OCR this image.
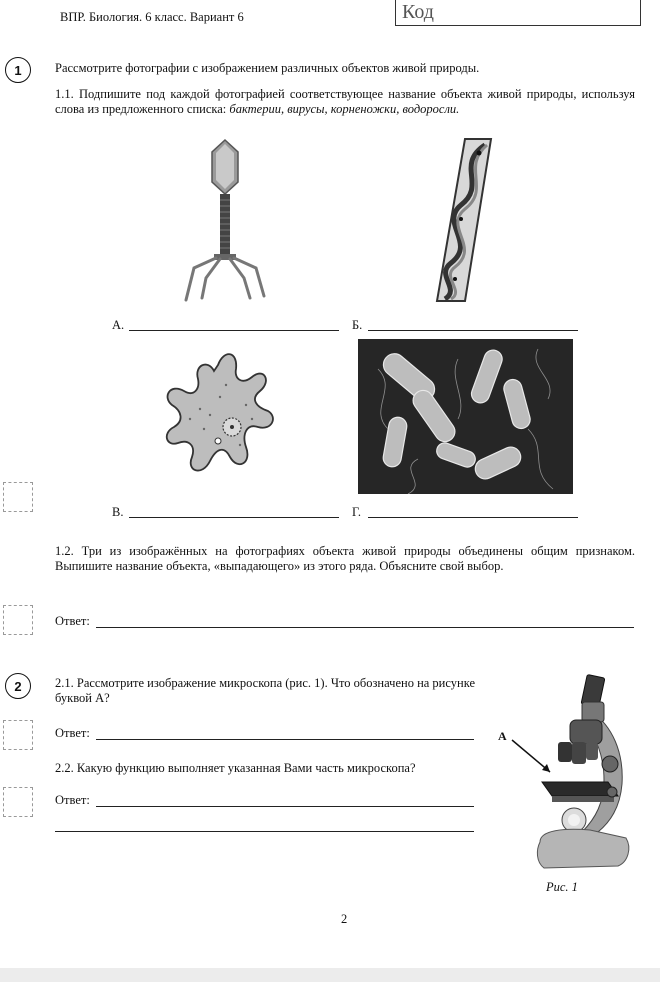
ВПР. Биология. 6 класс. Вариант 6	Код
1	Рассмотрите фотографии с изображением различных объектов живой природы.
1.1. Подпишите под каждой фотографией соответствующее название объекта живой природы, используя слова из предложенного списка: бактерии, вирусы, корненожки, водоросли.
А.	Б.
В.	Г.
1.2. Три из изображённых на фотографиях объекта живой природы объединены общим признаком. Выпишите название объекта, «выпадающего» из этого ряда. Объясните свой выбор.
Ответ:
2	2.1. Рассмотрите изображение микроскопа (рис. 1). Что обозначено на рисунке буквой А?
Ответ:
2.2. Какую функцию выполняет указанная Вами часть микроскопа?
Ответ:
А
Рис. 1
2
